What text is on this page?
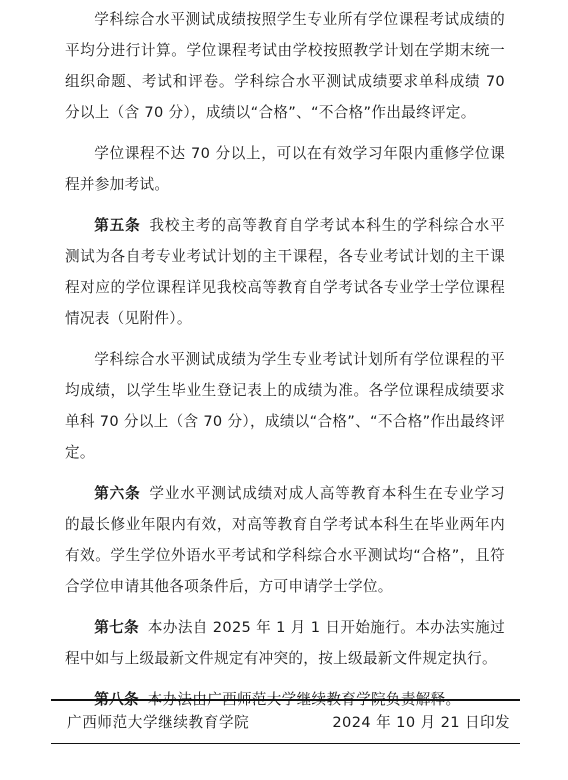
学科综合水平测试成绩按照学生专业所有学位课程考试成绩的平均分进行计算。学位课程考试由学校按照教学计划在学期末统一组织命题、考试和评卷。学科综合水平测试成绩要求单科成绩 70 分以上（含 70 分），成绩以“合格”、“不合格”作出最终评定。

学位课程不达 70 分以上，可以在有效学习年限内重修学位课程并参加考试。

第五条 我校主考的高等教育自学考试本科生的学科综合水平测试为各自考专业考试计划的主干课程，各专业考试计划的主干课程对应的学位课程详见我校高等教育自学考试各专业学士学位课程情况表（见附件）。

学科综合水平测试成绩为学生专业考试计划所有学位课程的平均成绩，以学生毕业生登记表上的成绩为准。各学位课程成绩要求单科 70 分以上（含 70 分），成绩以“合格”、“不合格”作出最终评定。

第六条 学业水平测试成绩对成人高等教育本科生在专业学习的最长修业年限内有效，对高等教育自学考试本科生在毕业两年内有效。学生学位外语水平考试和学科综合水平测试均“合格”，且符合学位申请其他各项条件后，方可申请学士学位。

第七条 本办法自 2025 年 1 月 1 日开始施行。本办法实施过程中如与上级最新文件规定有冲突的，按上级最新文件规定执行。

第八条 本办法由广西师范大学继续教育学院负责解释。

广西师范大学继续教育学院	2024 年 10 月 21 日印发
